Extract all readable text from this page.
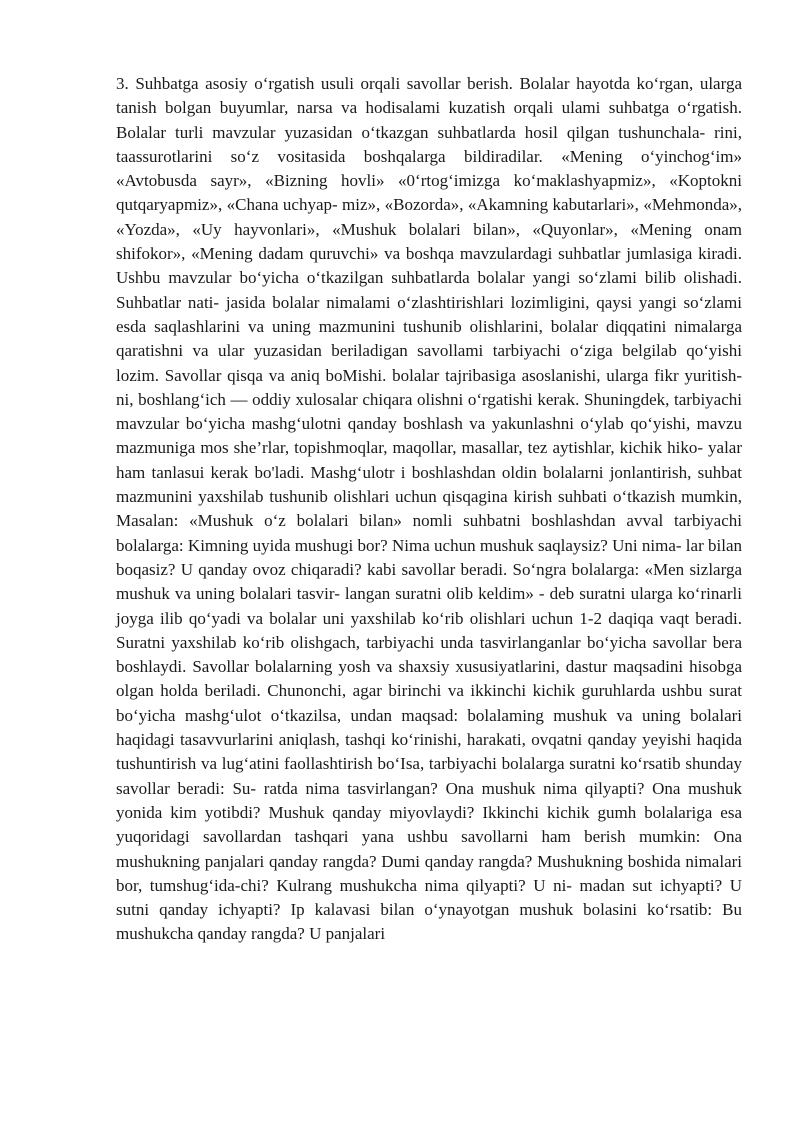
3. Suhbatga asosiy o‘rgatish usuli orqali savollar berish. Bolalar hayotda ko‘rgan, ularga tanish bolgan buyumlar, narsa va hodisalami kuzatish orqali ulami suhbatga o‘rgatish. Bolalar turli mavzular yuzasidan o‘tkazgan suhbatlarda hosil qilgan tushunchala- rini, taassurotlarini so‘z vositasida boshqalarga bildiradilar. «Mening o‘yinchog‘im» «Avtobusda sayr», «Bizning hovli» «0‘rtog‘imizga ko‘maklashyapmiz», «Koptokni qutqaryapmiz», «Chana uchyap- miz», «Bozorda», «Akamning kabutarlari», «Mehmonda», «Yozda», «Uy hayvonlari», «Mushuk bolalari bilan», «Quyonlar», «Mening onam shifokor», «Mening dadam quruvchi» va boshqa mavzulardagi suhbatlar jumlasiga kiradi. Ushbu mavzular bo‘yicha o‘tkazilgan suhbatlarda bolalar yangi so‘zlami bilib olishadi. Suhbatlar nati- jasida bolalar nimalami o‘zlashtirishlari lozimligini, qaysi yangi so‘zlami esda saqlashlarini va uning mazmunini tushunib olishlarini, bolalar diqqatini nimalarga qaratishni va ular yuzasidan beriladigan savollami tarbiyachi o‘ziga belgilab qo‘yishi lozim. Savollar qisqa va aniq boMishi. bolalar tajribasiga asoslanishi, ularga fikr yuritish- ni, boshlang‘ich — oddiy xulosalar chiqara olishni o‘rgatishi kerak. Shuningdek, tarbiyachi mavzular bo‘yicha mashg‘ulotni qanday boshlash va yakunlashni o‘ylab qo‘yishi, mavzu mazmuniga mos she’rlar, topishmoqlar, maqollar, masallar, tez aytishlar, kichik hiko- yalar ham tanlasui kerak bo'ladi. Mashg‘ulotr i boshlashdan oldin bolalarni jonlantirish, suhbat mazmunini yaxshilab tushunib olishlari uchun qisqagina kirish suhbati o‘tkazish mumkin, Masalan: «Mushuk o‘z bolalari bilan» nomli suhbatni boshlashdan avval tarbiyachi bolalarga: Kimning uyida mushugi bor? Nima uchun mushuk saqlaysiz? Uni nima- lar bilan boqasiz? U qanday ovoz chiqaradi? kabi savollar beradi. So‘ngra bolalarga: «Men sizlarga mushuk va uning bolalari tasvir- langan suratni olib keldim» - deb suratni ularga ko‘rinarli joyga ilib qo‘yadi va bolalar uni yaxshilab ko‘rib olishlari uchun 1-2 daqiqa vaqt beradi. Suratni yaxshilab ko‘rib olishgach, tarbiyachi unda tasvirlanganlar bo‘yicha savollar bera boshlaydi. Savollar bolalarning yosh va shaxsiy xususiyatlarini, dastur maqsadini hisobga olgan holda beriladi. Chunonchi, agar birinchi va ikkinchi kichik guruhlarda ushbu surat bo‘yicha mashg‘ulot o‘tkazilsa, undan maqsad: bolalaming mushuk va uning bolalari haqidagi tasavvurlarini aniqlash, tashqi ko‘rinishi, harakati, ovqatni qanday yeyishi haqida tushuntirish va lug‘atini faollashtirish bo‘Isa, tarbiyachi bolalarga suratni ko‘rsatib shunday savollar beradi: Su- ratda nima tasvirlangan? Ona mushuk nima qilyapti? Ona mushuk yonida kim yotibdi? Mushuk qanday miyovlaydi? Ikkinchi kichik gumh bolalariga esa yuqoridagi savollardan tashqari yana ushbu savollarni ham berish mumkin: Ona mushukning panjalari qanday rangda? Dumi qanday rangda? Mushukning boshida nimalari bor, tumshug‘ida-chi? Kulrang mushukcha nima qilyapti? U ni- madan sut ichyapti? U sutni qanday ichyapti? Ip kalavasi bilan o‘ynayotgan mushuk bolasini ko‘rsatib: Bu mushukcha qanday rangda? U panjalari
